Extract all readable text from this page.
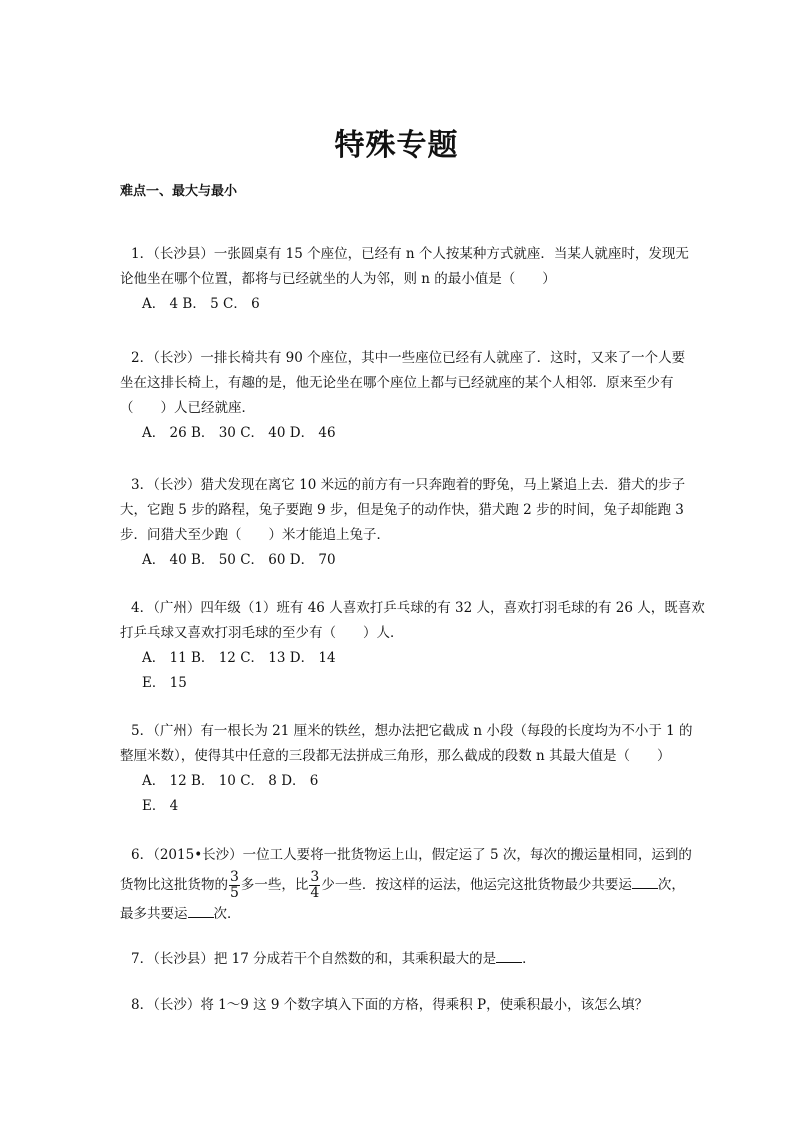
特殊专题
难点一、最大与最小

1．（长沙县）一张圆桌有 15 个座位，已经有 n 个人按某种方式就座．当某人就座时，发现无

论他坐在哪个位置，都将与已经就坐的人为邻，则 n 的最小值是（　　）

A． 4 B． 5 C． 6

2．（长沙）一排长椅共有 90 个座位，其中一些座位已经有人就座了．这时，又来了一个人要

坐在这排长椅上，有趣的是，他无论坐在哪个座位上都与已经就座的某个人相邻．原来至少有

（　　）人已经就座．

A． 26 B． 30 C． 40 D． 46

3．（长沙）猎犬发现在离它 10 米远的前方有一只奔跑着的野兔，马上紧追上去．猎犬的步子

大，它跑 5 步的路程，兔子要跑 9 步，但是兔子的动作快，猎犬跑 2 步的时间，兔子却能跑 3

步．问猎犬至少跑（　　）米才能追上兔子．

A． 40 B． 50 C． 60 D． 70

4．（广州）四年级（1）班有 46 人喜欢打乒乓球的有 32 人，喜欢打羽毛球的有 26 人，既喜欢

打乒乓球又喜欢打羽毛球的至少有（　　）人．

A． 11 B． 12 C． 13 D． 14

E． 15

5．（广州）有一根长为 21 厘米的铁丝，想办法把它截成 n 小段（每段的长度均为不小于 1 的

整厘米数），使得其中任意的三段都无法拼成三角形，那么截成的段数 n 其最大值是（　　）

A． 12 B． 10 C． 8 D． 6

E． 4

6．（2015•长沙）一位工人要将一批货物运上山，假定运了 5 次，每次的搬运量相同，运到的

货物比这批货物的 $\frac{3}{5}$ 多一些，比 $\frac{3}{4}$ 少一些．按这样的运法，他运完这批货物最少共要运 次，

最多共要运 次．

7．（长沙县）把 17 分成若干个自然数的和，其乘积最大的是 ．

8．（长沙）将 1～9 这 9 个数字填入下面的方格，得乘积 P，使乘积最小，该怎么填？
